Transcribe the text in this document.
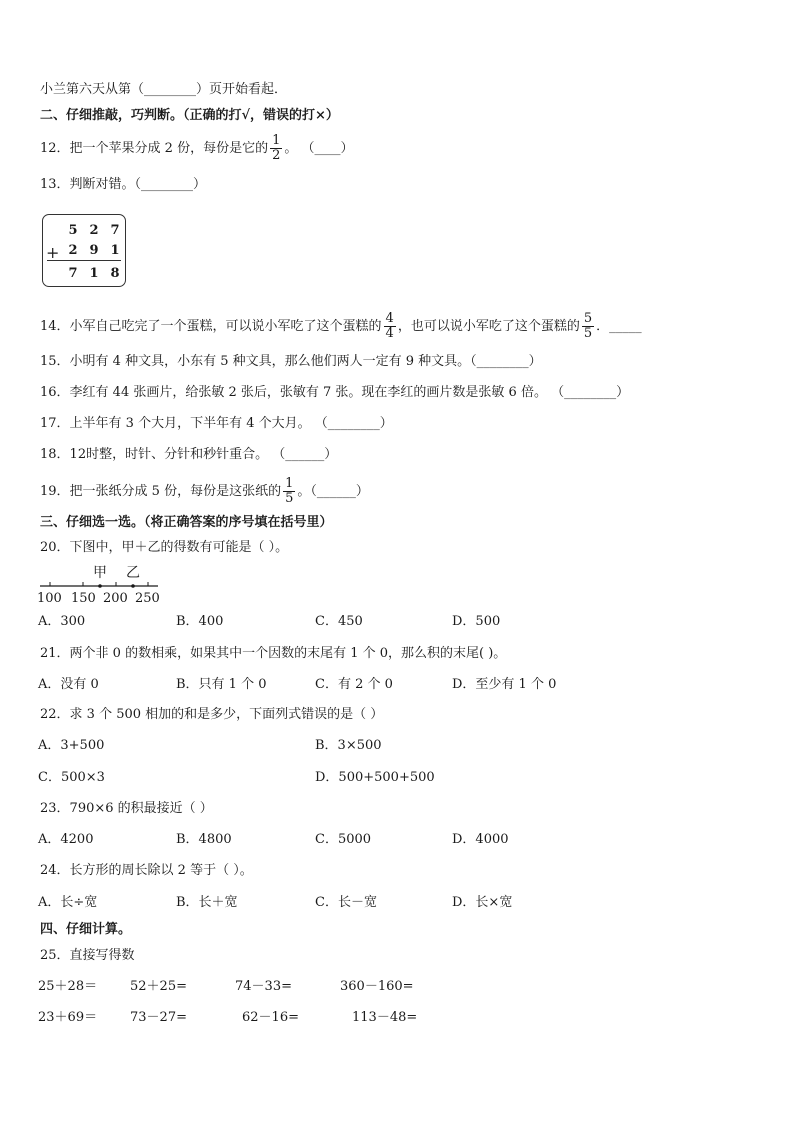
小兰第六天从第（________）页开始看起．
二、仔细推敲，巧判断。（正确的打√，错误的打×）
12．把一个苹果分成 2 份，每份是它的 $\frac{1}{2}$ 。 （____）
13．判断对错。（________）
5 2 7
+ 2 9 1
7 1 8
14．小军自己吃完了一个蛋糕，可以说小军吃了这个蛋糕的 $\frac{4}{4}$ ，也可以说小军吃了这个蛋糕的 $\frac{5}{5}$ ．_____
15．小明有 4 种文具，小东有 5 种文具，那么他们两人一定有 9 种文具。（________）
16．李红有 44 张画片，给张敏 2 张后，张敏有 7 张。现在李红的画片数是张敏 6 倍。 （________）
17．上半年有 3 个大月，下半年有 4 个大月。 （________）
18．12时整，时针、分针和秒针重合。 （______）
19．把一张纸分成 5 份，每份是这张纸的 $\frac{1}{5}$ 。（______）
三、仔细选一选。（将正确答案的序号填在括号里）
20．下图中，甲＋乙的得数有可能是（ ）。
甲 乙
100 150 200 250
A．300	B．400	C．450	D．500
21．两个非 0 的数相乘，如果其中一个因数的末尾有 1 个 0，那么积的末尾( )。
A．没有 0	B．只有 1 个 0	C．有 2 个 0	D．至少有 1 个 0
22．求 3 个 500 相加的和是多少，下面列式错误的是（ ）
A．3+500	B．3×500
C．500×3	D．500+500+500
23．790×6 的积最接近（ ）
A．4200	B．4800	C．5000	D．4000
24．长方形的周长除以 2 等于（ ）。
A．长÷宽	B．长＋宽	C．长－宽	D．长×宽
四、仔细计算。
25．直接写得数
25＋28＝	52＋25=	74－33=	360－160=
23＋69＝	73－27=	62－16=	113－48=
